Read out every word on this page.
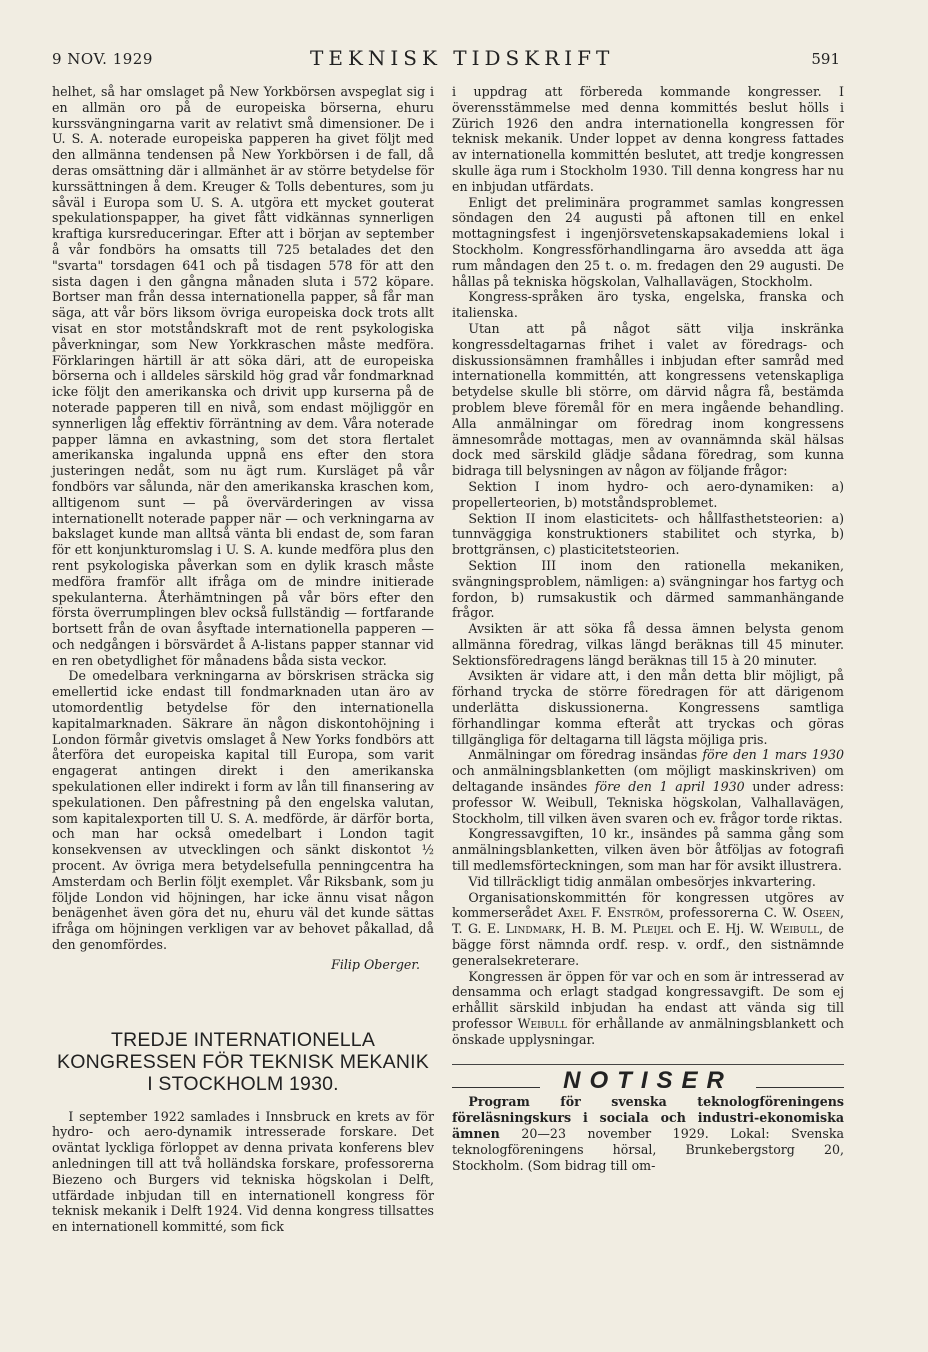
9 NOV. 1929	TEKNISK TIDSKRIFT	591

helhet, så har omslaget på New Yorkbörsen avspeglat sig i en allmän oro på de europeiska börserna, ehuru kurssvängningarna varit av relativt små dimensioner. De i U. S. A. noterade europeiska papperen ha givet följt med den allmänna tendensen på New Yorkbörsen i de fall, då deras omsättning där i allmänhet är av större betydelse för kurssättningen å dem. Kreuger & Tolls debentures, som ju såväl i Europa som U. S. A. utgöra ett mycket gouterat spekulationspapper, ha givet fått vidkännas synnerligen kraftiga kursreduceringar. Efter att i början av september å vår fondbörs ha omsatts till 725 betalades det den "svarta" torsdagen 641 och på tisdagen 578 för att den sista dagen i den gångna månaden sluta i 572 köpare. Bortser man från dessa internationella papper, så får man säga, att vår börs liksom övriga europeiska dock trots allt visat en stor motståndskraft mot de rent psykologiska påverkningar, som New Yorkkraschen måste medföra. Förklaringen härtill är att söka däri, att de europeiska börserna och i alldeles särskild hög grad vår fondmarknad icke följt den amerikanska och drivit upp kurserna på de noterade papperen till en nivå, som endast möjliggör en synnerligen låg effektiv förräntning av dem. Våra noterade papper lämna en avkastning, som det stora flertalet amerikanska ingalunda uppnå ens efter den stora justeringen nedåt, som nu ägt rum. Kursläget på vår fondbörs var sålunda, när den amerikanska kraschen kom, alltigenom sunt — på övervärderingen av vissa internationellt noterade papper när — och verkningarna av bakslaget kunde man alltså vänta bli endast de, som faran för ett konjunkturomslag i U. S. A. kunde medföra plus den rent psykologiska påverkan som en dylik krasch måste medföra framför allt ifråga om de mindre initierade spekulanterna. Återhämtningen på vår börs efter den första överrumplingen blev också fullständig — fortfarande bortsett från de ovan åsyftade internationella papperen — och nedgången i börsvärdet å A-listans papper stannar vid en ren obetydlighet för månadens båda sista veckor.

De omedelbara verkningarna av börskrisen sträcka sig emellertid icke endast till fondmarknaden utan äro av utomordentlig betydelse för den internationella kapitalmarknaden. Säkrare än någon diskontohöjning i London förmår givetvis omslaget å New Yorks fondbörs att återföra det europeiska kapital till Europa, som varit engagerat antingen direkt i den amerikanska spekulationen eller indirekt i form av lån till finansering av spekulationen. Den påfrestning på den engelska valutan, som kapitalexporten till U. S. A. medförde, är därför borta, och man har också omedelbart i London tagit konsekvensen av utvecklingen och sänkt diskontot ½ procent. Av övriga mera betydelsefulla penningcentra ha Amsterdam och Berlin följt exemplet. Vår Riksbank, som ju följde London vid höjningen, har icke ännu visat någon benägenhet även göra det nu, ehuru väl det kunde sättas ifråga om höjningen verkligen var av behovet påkallad, då den genomfördes.

Filip Oberger.
TREDJE INTERNATIONELLA KONGRESSEN FÖR TEKNISK MEKANIK I STOCKHOLM 1930.

I september 1922 samlades i Innsbruck en krets av för hydro- och aero-dynamik intresserade forskare. Det oväntat lyckliga förloppet av denna privata konferens blev anledningen till att två holländska forskare, professorerna Biezeno och Burgers vid tekniska högskolan i Delft, utfärdade inbjudan till en internationell kongress för teknisk mekanik i Delft 1924. Vid denna kongress tillsattes en internationell kommitté, som fick

i uppdrag att förbereda kommande kongresser. I överensstämmelse med denna kommittés beslut hölls i Zürich 1926 den andra internationella kongressen för teknisk mekanik. Under loppet av denna kongress fattades av internationella kommittén beslutet, att tredje kongressen skulle äga rum i Stockholm 1930. Till denna kongress har nu en inbjudan utfärdats.

Enligt det preliminära programmet samlas kongressen söndagen den 24 augusti på aftonen till en enkel mottagningsfest i ingenjörsvetenskapsakademiens lokal i Stockholm. Kongressförhandlingarna äro avsedda att äga rum måndagen den 25 t. o. m. fredagen den 29 augusti. De hållas på tekniska högskolan, Valhallavägen, Stockholm.

Kongress-språken äro tyska, engelska, franska och italienska.

Utan att på något sätt vilja inskränka kongressdeltagarnas frihet i valet av föredrags- och diskussionsämnen framhålles i inbjudan efter samråd med internationella kommittén, att kongressens vetenskapliga betydelse skulle bli större, om därvid några få, bestämda problem bleve föremål för en mera ingående behandling. Alla anmälningar om föredrag inom kongressens ämnesområde mottagas, men av ovannämnda skäl hälsas dock med särskild glädje sådana föredrag, som kunna bidraga till belysningen av någon av följande frågor:

Sektion I inom hydro- och aero-dynamiken: a) propellerteorien, b) motståndsproblemet.

Sektion II inom elasticitets- och hållfasthetsteorien: a) tunnväggiga konstruktioners stabilitet och styrka, b) brottgränsen, c) plasticitetsteorien.

Sektion III inom den rationella mekaniken, svängningsproblem, nämligen: a) svängningar hos fartyg och fordon, b) rumsakustik och därmed sammanhängande frågor.

Avsikten är att söka få dessa ämnen belysta genom allmänna föredrag, vilkas längd beräknas till 45 minuter. Sektionsföredragens längd beräknas till 15 à 20 minuter.

Avsikten är vidare att, i den mån detta blir möjligt, på förhand trycka de större föredragen för att därigenom underlätta diskussionerna. Kongressens samtliga förhandlingar komma efteråt att tryckas och göras tillgängliga för deltagarna till lägsta möjliga pris.

Anmälningar om föredrag insändas före den 1 mars 1930 och anmälningsblanketten (om möjligt maskinskriven) om deltagande insändes före den 1 april 1930 under adress: professor W. Weibull, Tekniska högskolan, Valhallavägen, Stockholm, till vilken även svaren och ev. frågor torde riktas.

Kongressavgiften, 10 kr., insändes på samma gång som anmälningsblanketten, vilken även bör åtföljas av fotografi till medlemsförteckningen, som man har för avsikt illustrera.

Vid tillräckligt tidig anmälan ombesörjes inkvartering.

Organisationskommittén för kongressen utgöres av kommerserådet Axel F. Enström, professorerna C. W. Oseen, T. G. E. Lindmark, H. B. M. Pleijel och E. Hj. W. Weibull, de bägge först nämnda ordf. resp. v. ordf., den sistnämnde generalsekreterare.

Kongressen är öppen för var och en som är intresserad av densamma och erlagt stadgad kongressavgift. De som ej erhållit särskild inbjudan ha endast att vända sig till professor Weibull för erhållande av anmälningsblankett och önskade upplysningar.

NOTISER

Program för svenska teknologföreningens föreläsningskurs i sociala och industri-ekonomiska ämnen 20—23 november 1929. Lokal: Svenska teknologföreningens hörsal, Brunkebergstorg 20, Stockholm. (Som bidrag till om-
